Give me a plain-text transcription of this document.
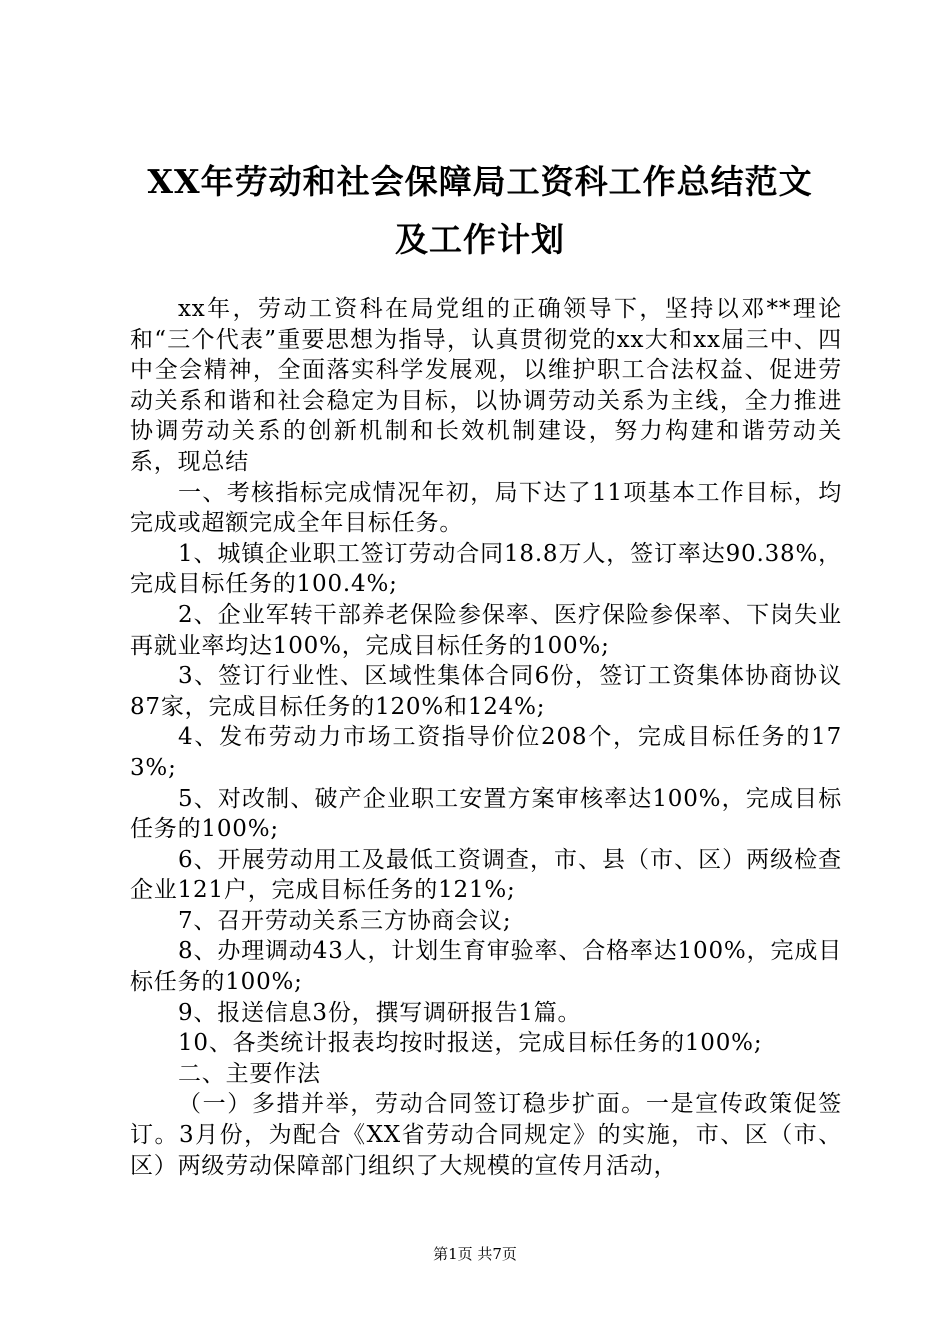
XX年劳动和社会保障局工资科工作总结范文
及工作计划

xx年，劳动工资科在局党组的正确领导下，坚持以邓**理论和“三个代表”重要思想为指导，认真贯彻党的xx大和xx届三中、四中全会精神，全面落实科学发展观，以维护职工合法权益、促进劳动关系和谐和社会稳定为目标，以协调劳动关系为主线，全力推进协调劳动关系的创新机制和长效机制建设，努力构建和谐劳动关系，现总结

一、考核指标完成情况年初，局下达了11项基本工作目标，均完成或超额完成全年目标任务。

1、城镇企业职工签订劳动合同18.8万人，签订率达90.38%，完成目标任务的100.4%;

2、企业军转干部养老保险参保率、医疗保险参保率、下岗失业再就业率均达100%，完成目标任务的100%;

3、签订行业性、区域性集体合同6份，签订工资集体协商协议87家，完成目标任务的120%和124%;

4、发布劳动力市场工资指导价位208个，完成目标任务的173%;

5、对改制、破产企业职工安置方案审核率达100%，完成目标任务的100%;

6、开展劳动用工及最低工资调查，市、县（市、区）两级检查企业121户，完成目标任务的121%;

7、召开劳动关系三方协商会议;

8、办理调动43人，计划生育审验率、合格率达100%，完成目标任务的100%;

9、报送信息3份，撰写调研报告1篇。

10、各类统计报表均按时报送，完成目标任务的100%;

二、主要作法

（一）多措并举，劳动合同签订稳步扩面。一是宣传政策促签订。3月份，为配合《XX省劳动合同规定》的实施，市、区（市、区）两级劳动保障部门组织了大规模的宣传月活动，

第1页 共7页
